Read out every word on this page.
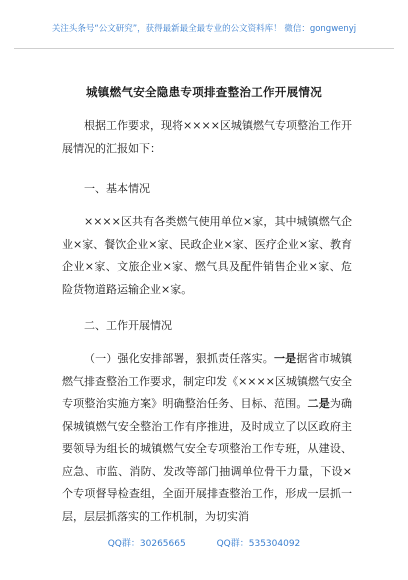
关注头条号“公文研究”，获得最新最全最专业的公文资料库！ 微信：gongwenyj
城镇燃气安全隐患专项排查整治工作开展情况

根据工作要求，现将××××区城镇燃气专项整治工作开展情况的汇报如下：

一、基本情况

××××区共有各类燃气使用单位×家，其中城镇燃气企业×家、餐饮企业×家、民政企业×家、医疗企业×家、教育企业×家、文旅企业×家、燃气具及配件销售企业×家、危险货物道路运输企业×家。

二、工作开展情况

（一）强化安排部署，狠抓责任落实。一是据省市城镇燃气排查整治工作要求，制定印发《××××区城镇燃气安全专项整治实施方案》明确整治任务、目标、范围。二是为确保城镇燃气安全整治工作有序推进，及时成立了以区政府主要领导为组长的城镇燃气安全专项整治工作专班，从建设、应急、市监、消防、发改等部门抽调单位骨干力量，下设×个专项督导检查组，全面开展排查整治工作，形成一层抓一层，层层抓落实的工作机制，为切实消

QQ群：30265665	QQ群：535304092
